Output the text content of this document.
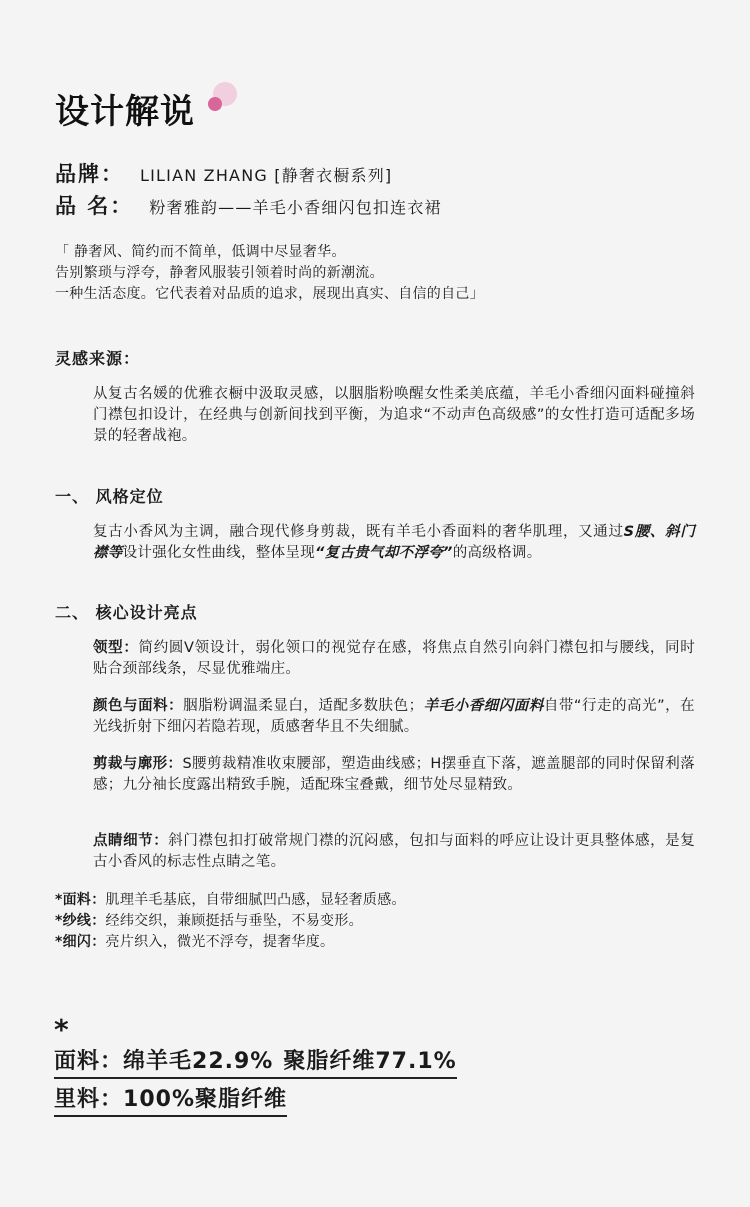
设计解说
品牌： LILIAN ZHANG [静奢衣橱系列]
品 名： 粉奢雅韵——羊毛小香细闪包扣连衣裙
「 静奢风、简约而不简单，低调中尽显奢华。
告别繁琐与浮夸，静奢风服装引领着时尚的新潮流。
一种生活态度。它代表着对品质的追求，展现出真实、自信的自己」
灵感来源：
从复古名媛的优雅衣橱中汲取灵感，以胭脂粉唤醒女性柔美底蕴，羊毛小香细闪面料碰撞斜门襟包扣设计，在经典与创新间找到平衡，为追求“不动声色高级感”的女性打造可适配多场景的轻奢战袍。
一、 风格定位
复古小香风为主调，融合现代修身剪裁，既有羊毛小香面料的奢华肌理，又通过S腰、斜门襟等设计强化女性曲线，整体呈现“复古贵气却不浮夸”的高级格调。
二、 核心设计亮点
领型：简约圆V领设计，弱化领口的视觉存在感，将焦点自然引向斜门襟包扣与腰线，同时贴合颈部线条，尽显优雅端庄。
颜色与面料：胭脂粉调温柔显白，适配多数肤色；羊毛小香细闪面料自带“行走的高光”，在光线折射下细闪若隐若现，质感奢华且不失细腻。
剪裁与廓形：S腰剪裁精准收束腰部，塑造曲线感；H摆垂直下落，遮盖腿部的同时保留利落感；九分袖长度露出精致手腕，适配珠宝叠戴，细节处尽显精致。
点睛细节：斜门襟包扣打破常规门襟的沉闷感，包扣与面料的呼应让设计更具整体感，是复古小香风的标志性点睛之笔。
*面料：肌理羊毛基底，自带细腻凹凸感，显轻奢质感。
*纱线：经纬交织，兼顾挺括与垂坠，不易变形。
*细闪：亮片织入，微光不浮夸，提奢华度。
*
面料：绵羊毛22.9% 聚脂纤维77.1%
里料：100%聚脂纤维
